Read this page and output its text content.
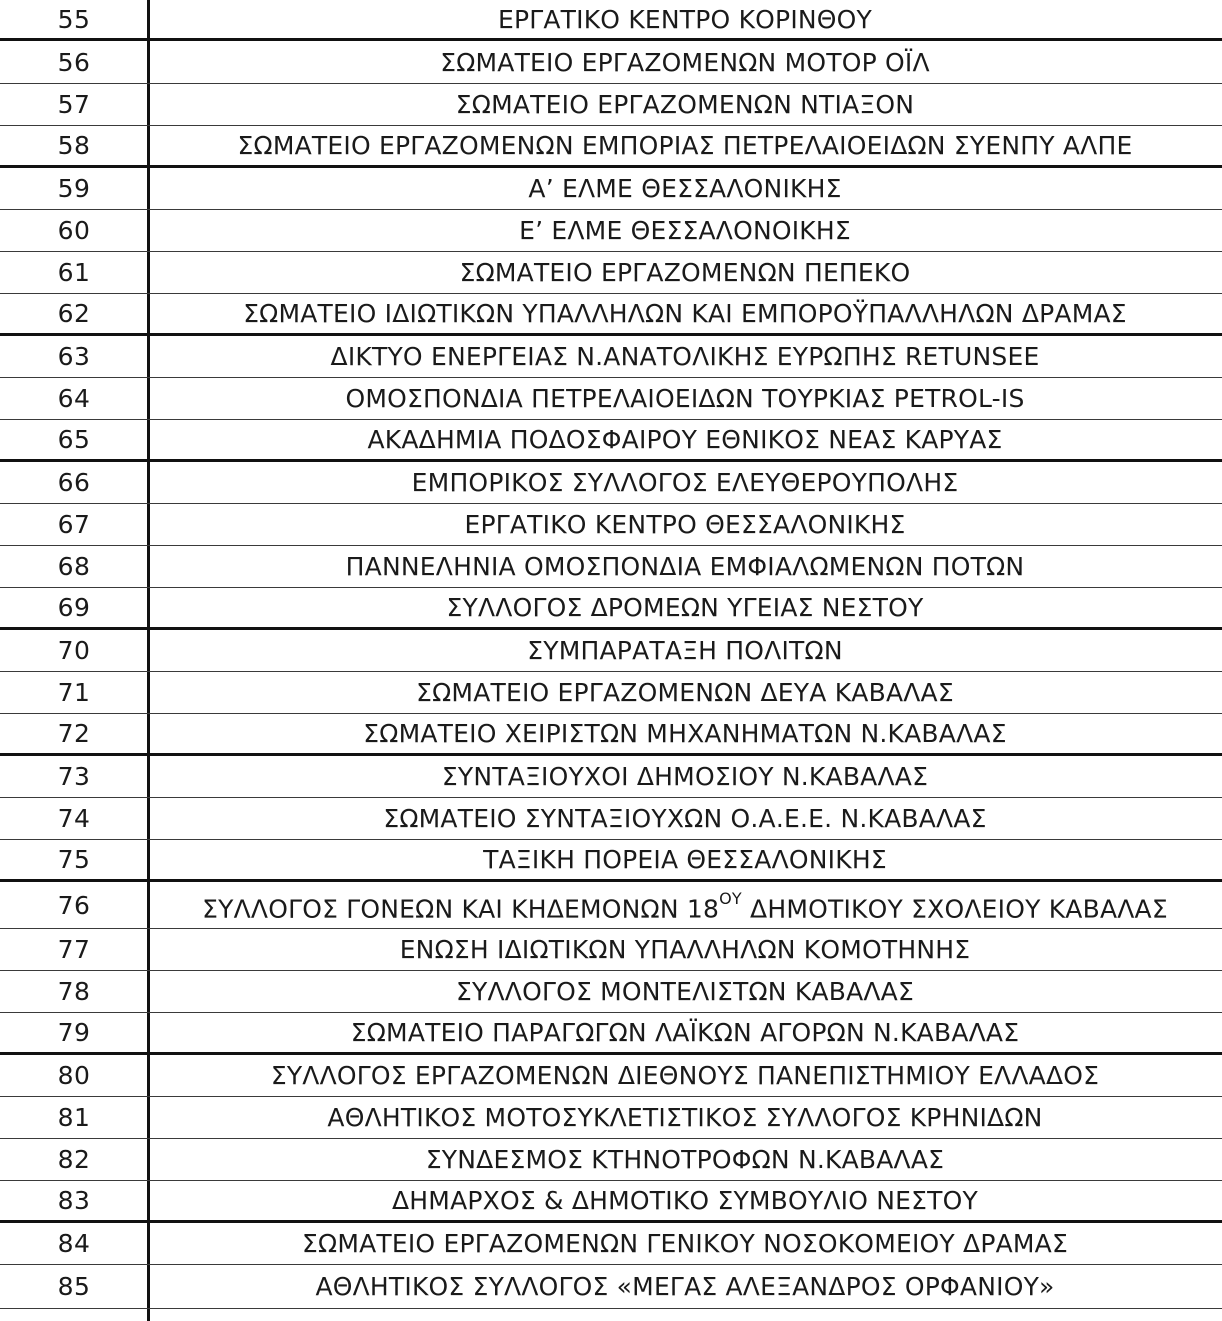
55	ΕΡΓΑΤΙΚΟ ΚΕΝΤΡΟ ΚΟΡΙΝΘΟΥ
56	ΣΩΜΑΤΕΙΟ ΕΡΓΑΖΟΜΕΝΩΝ ΜΟΤΟΡ ΟΪΛ
57	ΣΩΜΑΤΕΙΟ ΕΡΓΑΖΟΜΕΝΩΝ ΝΤΙΑΞΟΝ
58	ΣΩΜΑΤΕΙΟ ΕΡΓΑΖΟΜΕΝΩΝ ΕΜΠΟΡΙΑΣ ΠΕΤΡΕΛΑΙΟΕΙΔΩΝ ΣΥΕΝΠΥ ΑΛΠΕ
59	Α’ ΕΛΜΕ ΘΕΣΣΑΛΟΝΙΚΗΣ
60	Ε’ ΕΛΜΕ ΘΕΣΣΑΛΟΝΟΙΚΗΣ
61	ΣΩΜΑΤΕΙΟ ΕΡΓΑΖΟΜΕΝΩΝ ΠΕΠΕΚΟ
62	ΣΩΜΑΤΕΙΟ ΙΔΙΩΤΙΚΩΝ ΥΠΑΛΛΗΛΩΝ ΚΑΙ ΕΜΠΟΡΟΫΠΑΛΛΗΛΩΝ ΔΡΑΜΑΣ
63	ΔΙΚΤΥΟ ΕΝΕΡΓΕΙΑΣ Ν.ΑΝΑΤΟΛΙΚΗΣ ΕΥΡΩΠΗΣ RETUNSEE
64	ΟΜΟΣΠΟΝΔΙΑ ΠΕΤΡΕΛΑΙΟΕΙΔΩΝ ΤΟΥΡΚΙΑΣ PETROL-IS
65	ΑΚΑΔΗΜΙΑ ΠΟΔΟΣΦΑΙΡΟΥ ΕΘΝΙΚΟΣ ΝΕΑΣ ΚΑΡΥΑΣ
66	ΕΜΠΟΡΙΚΟΣ ΣΥΛΛΟΓΟΣ ΕΛΕΥΘΕΡΟΥΠΟΛΗΣ
67	ΕΡΓΑΤΙΚΟ ΚΕΝΤΡΟ ΘΕΣΣΑΛΟΝΙΚΗΣ
68	ΠΑΝΝΕΛΗΝΙΑ ΟΜΟΣΠΟΝΔΙΑ ΕΜΦΙΑΛΩΜΕΝΩΝ ΠΟΤΩΝ
69	ΣΥΛΛΟΓΟΣ ΔΡΟΜΕΩΝ ΥΓΕΙΑΣ ΝΕΣΤΟΥ
70	ΣΥΜΠΑΡΑΤΑΞΗ ΠΟΛΙΤΩΝ
71	ΣΩΜΑΤΕΙΟ ΕΡΓΑΖΟΜΕΝΩΝ ΔΕΥΑ ΚΑΒΑΛΑΣ
72	ΣΩΜΑΤΕΙΟ ΧΕΙΡΙΣΤΩΝ ΜΗΧΑΝΗΜΑΤΩΝ Ν.ΚΑΒΑΛΑΣ
73	ΣΥΝΤΑΞΙΟΥΧΟΙ ΔΗΜΟΣΙΟΥ Ν.ΚΑΒΑΛΑΣ
74	ΣΩΜΑΤΕΙΟ ΣΥΝΤΑΞΙΟΥΧΩΝ Ο.Α.Ε.Ε. Ν.ΚΑΒΑΛΑΣ
75	ΤΑΞΙΚΗ ΠΟΡΕΙΑ ΘΕΣΣΑΛΟΝΙΚΗΣ
76	ΣΥΛΛΟΓΟΣ ΓΟΝΕΩΝ ΚΑΙ ΚΗΔΕΜΟΝΩΝ $18^{O\Upsilon}$ ΔΗΜΟΤΙΚΟΥ ΣΧΟΛΕΙΟΥ ΚΑΒΑΛΑΣ
77	ΕΝΩΣΗ ΙΔΙΩΤΙΚΩΝ ΥΠΑΛΛΗΛΩΝ ΚΟΜΟΤΗΝΗΣ
78	ΣΥΛΛΟΓΟΣ ΜΟΝΤΕΛΙΣΤΩΝ ΚΑΒΑΛΑΣ
79	ΣΩΜΑΤΕΙΟ ΠΑΡΑΓΩΓΩΝ ΛΑΪΚΩΝ ΑΓΟΡΩΝ Ν.ΚΑΒΑΛΑΣ
80	ΣΥΛΛΟΓΟΣ ΕΡΓΑΖΟΜΕΝΩΝ ΔΙΕΘΝΟΥΣ ΠΑΝΕΠΙΣΤΗΜΙΟΥ ΕΛΛΑΔΟΣ
81	ΑΘΛΗΤΙΚΟΣ ΜΟΤΟΣΥΚΛΕΤΙΣΤΙΚΟΣ ΣΥΛΛΟΓΟΣ ΚΡΗΝΙΔΩΝ
82	ΣΥΝΔΕΣΜΟΣ ΚΤΗΝΟΤΡΟΦΩΝ Ν.ΚΑΒΑΛΑΣ
83	ΔΗΜΑΡΧΟΣ & ΔΗΜΟΤΙΚΟ ΣΥΜΒΟΥΛΙΟ ΝΕΣΤΟΥ
84	ΣΩΜΑΤΕΙΟ ΕΡΓΑΖΟΜΕΝΩΝ ΓΕΝΙΚΟΥ ΝΟΣΟΚΟΜΕΙΟΥ ΔΡΑΜΑΣ
85	ΑΘΛΗΤΙΚΟΣ ΣΥΛΛΟΓΟΣ «ΜΕΓΑΣ ΑΛΕΞΑΝΔΡΟΣ ΟΡΦΑΝΙΟΥ»
